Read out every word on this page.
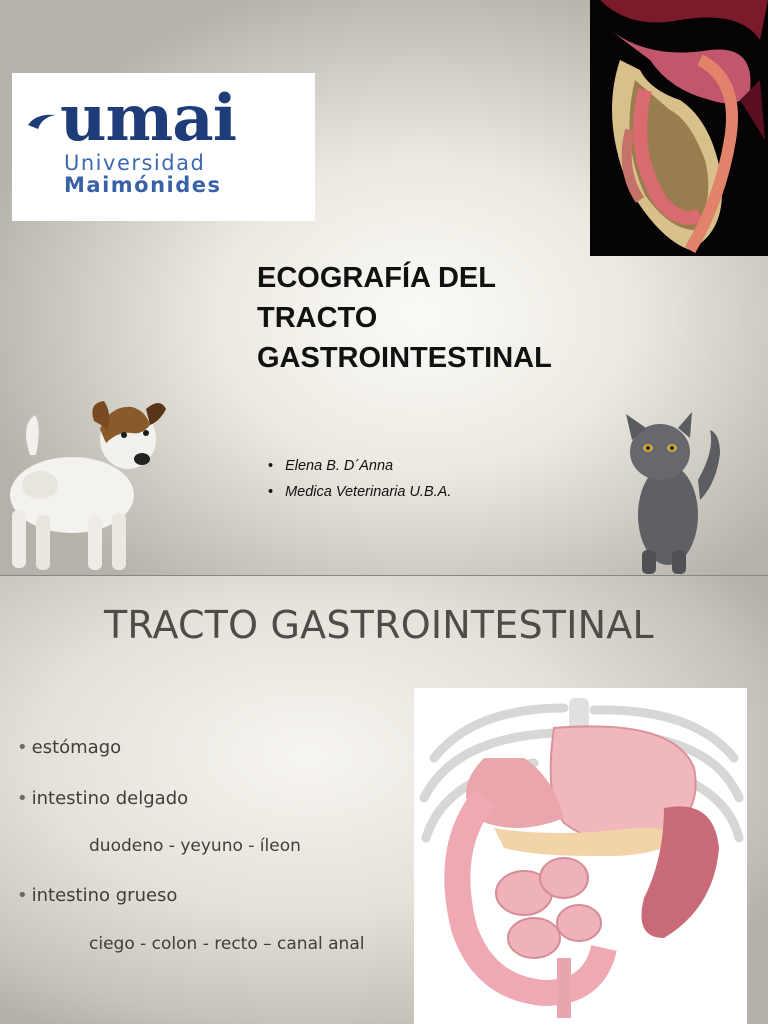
umai
Universidad
Maimónides
ECOGRAFÍA DEL
TRACTO
GASTROINTESTINAL
• Elena B. D´Anna
• Medica Veterinaria U.B.A.
TRACTO GASTROINTESTINAL
• estómago
• intestino delgado
duodeno - yeyuno - íleon
• intestino grueso
ciego - colon - recto – canal anal
